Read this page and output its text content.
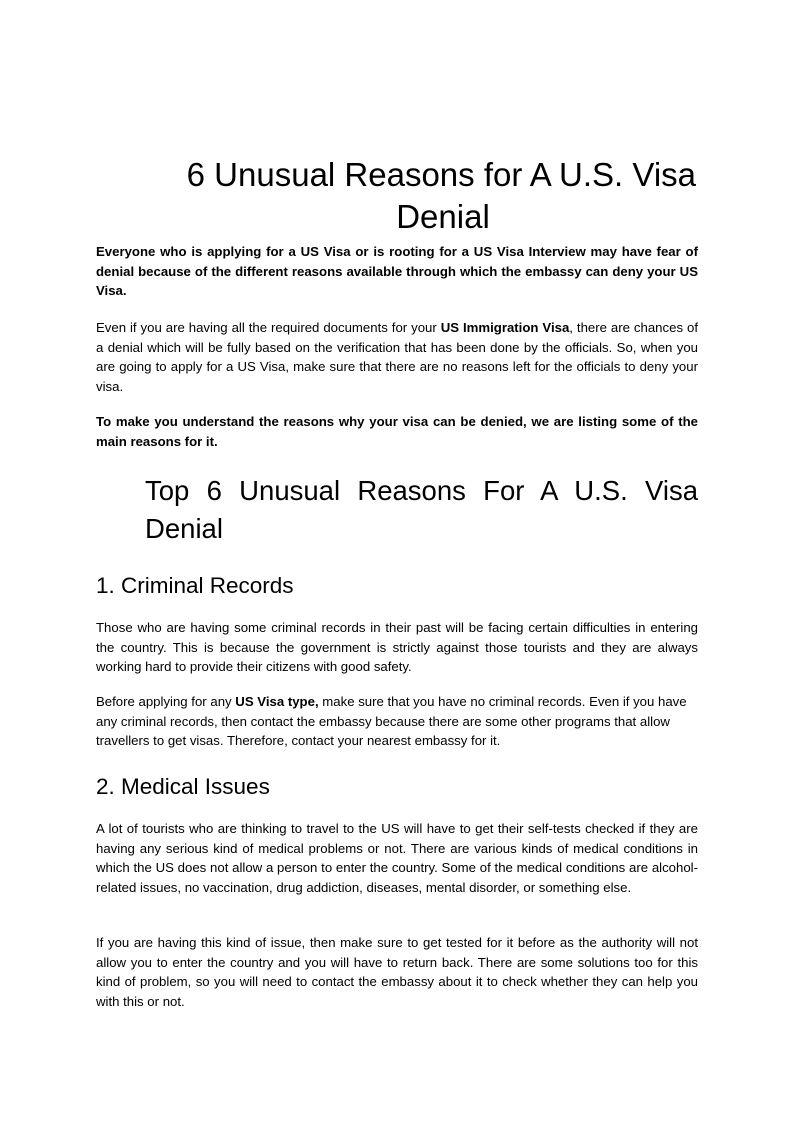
6 Unusual Reasons for A U.S. Visa
Denial

Everyone who is applying for a US Visa or is rooting for a US Visa Interview may have fear of denial because of the different reasons available through which the embassy can deny your US Visa.

Even if you are having all the required documents for your US Immigration Visa, there are chances of a denial which will be fully based on the verification that has been done by the officials. So, when you are going to apply for a US Visa, make sure that there are no reasons left for the officials to deny your visa.

To make you understand the reasons why your visa can be denied, we are listing some of the main reasons for it.

Top 6 Unusual Reasons For A U.S. Visa Denial
1. Criminal Records

Those who are having some criminal records in their past will be facing certain difficulties in entering the country. This is because the government is strictly against those tourists and they are always working hard to provide their citizens with good safety.

Before applying for any US Visa type, make sure that you have no criminal records. Even if you have any criminal records, then contact the embassy because there are some other programs that allow travellers to get visas. Therefore, contact your nearest embassy for it.

2. Medical Issues

A lot of tourists who are thinking to travel to the US will have to get their self-tests checked if they are having any serious kind of medical problems or not. There are various kinds of medical conditions in which the US does not allow a person to enter the country. Some of the medical conditions are alcohol-related issues, no vaccination, drug addiction, diseases, mental disorder, or something else.

If you are having this kind of issue, then make sure to get tested for it before as the authority will not allow you to enter the country and you will have to return back. There are some solutions too for this kind of problem, so you will need to contact the embassy about it to check whether they can help you with this or not.
